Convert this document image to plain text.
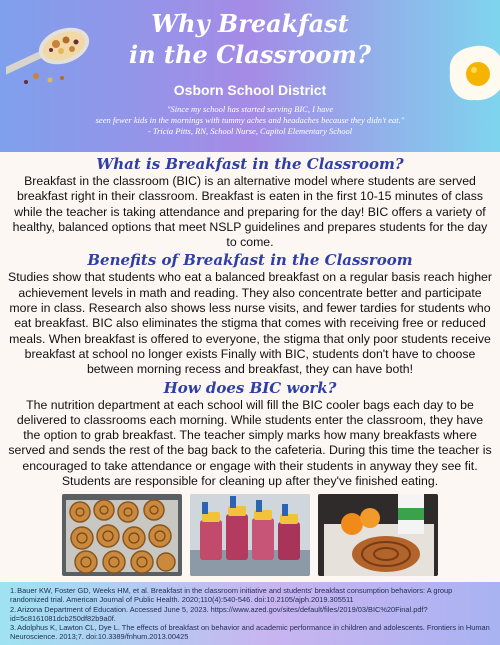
Why Breakfast
in the Classroom?
Osborn School District

"Since my school has started serving BIC, I have
seen fewer kids in the mornings with tummy aches and headaches because they didn't eat."
- Tricia Pitts, RN, School Nurse, Capitol Elementary School

What is Breakfast in the Classroom?

Breakfast in the classroom (BIC) is an alternative model where students are served breakfast right in their classroom. Breakfast is eaten in the first 10-15 minutes of class while the teacher is taking attendance and preparing for the day! BIC offers a variety of healthy, balanced options that meet NSLP guidelines and prepares students for the day to come.

Benefits of Breakfast in the Classroom

Studies show that students who eat a balanced breakfast on a regular basis reach higher achievement levels in math and reading. They also concentrate better and participate more in class. Research also shows less nurse visits, and fewer tardies for students who eat breakfast. BIC also eliminates the stigma that comes with receiving free or reduced meals. When breakfast is offered to everyone, the stigma that only poor students receive breakfast at school no longer exists Finally with BIC, students don't have to choose between morning recess and breakfast, they can have both!

How does BIC work?

The nutrition department at each school will fill the BIC cooler bags each day to be delivered to classrooms each morning. While students enter the classroom, they have the option to grab breakfast. The teacher simply marks how many breakfasts where served and sends the rest of the bag back to the cafeteria. During this time the teacher is encouraged to take attendance or engage with their students in anyway they see fit. Students are responsible for cleaning up after they've finished eating.

1.Bauer KW, Foster GD, Weeks HM, et al. Breakfast in the classroom initiative and students' breakfast consumption behaviors: A group randomized trial. American Journal of Public Health. 2020;110(4):540-546. doi:10.2105/ajph.2019.305511
2.Arizona Department of Education. Accessed June 5, 2023. https://www.azed.gov/sites/default/files/2019/03/BIC%20Final.pdf?id=5c8161081dcb250df82b9a0f.
3.Adolphus K, Lawton CL, Dye L. The effects of breakfast on behavior and academic performance in children and adolescents. Frontiers in Human Neuroscience. 2013;7. doi:10.3389/fnhum.2013.00425
